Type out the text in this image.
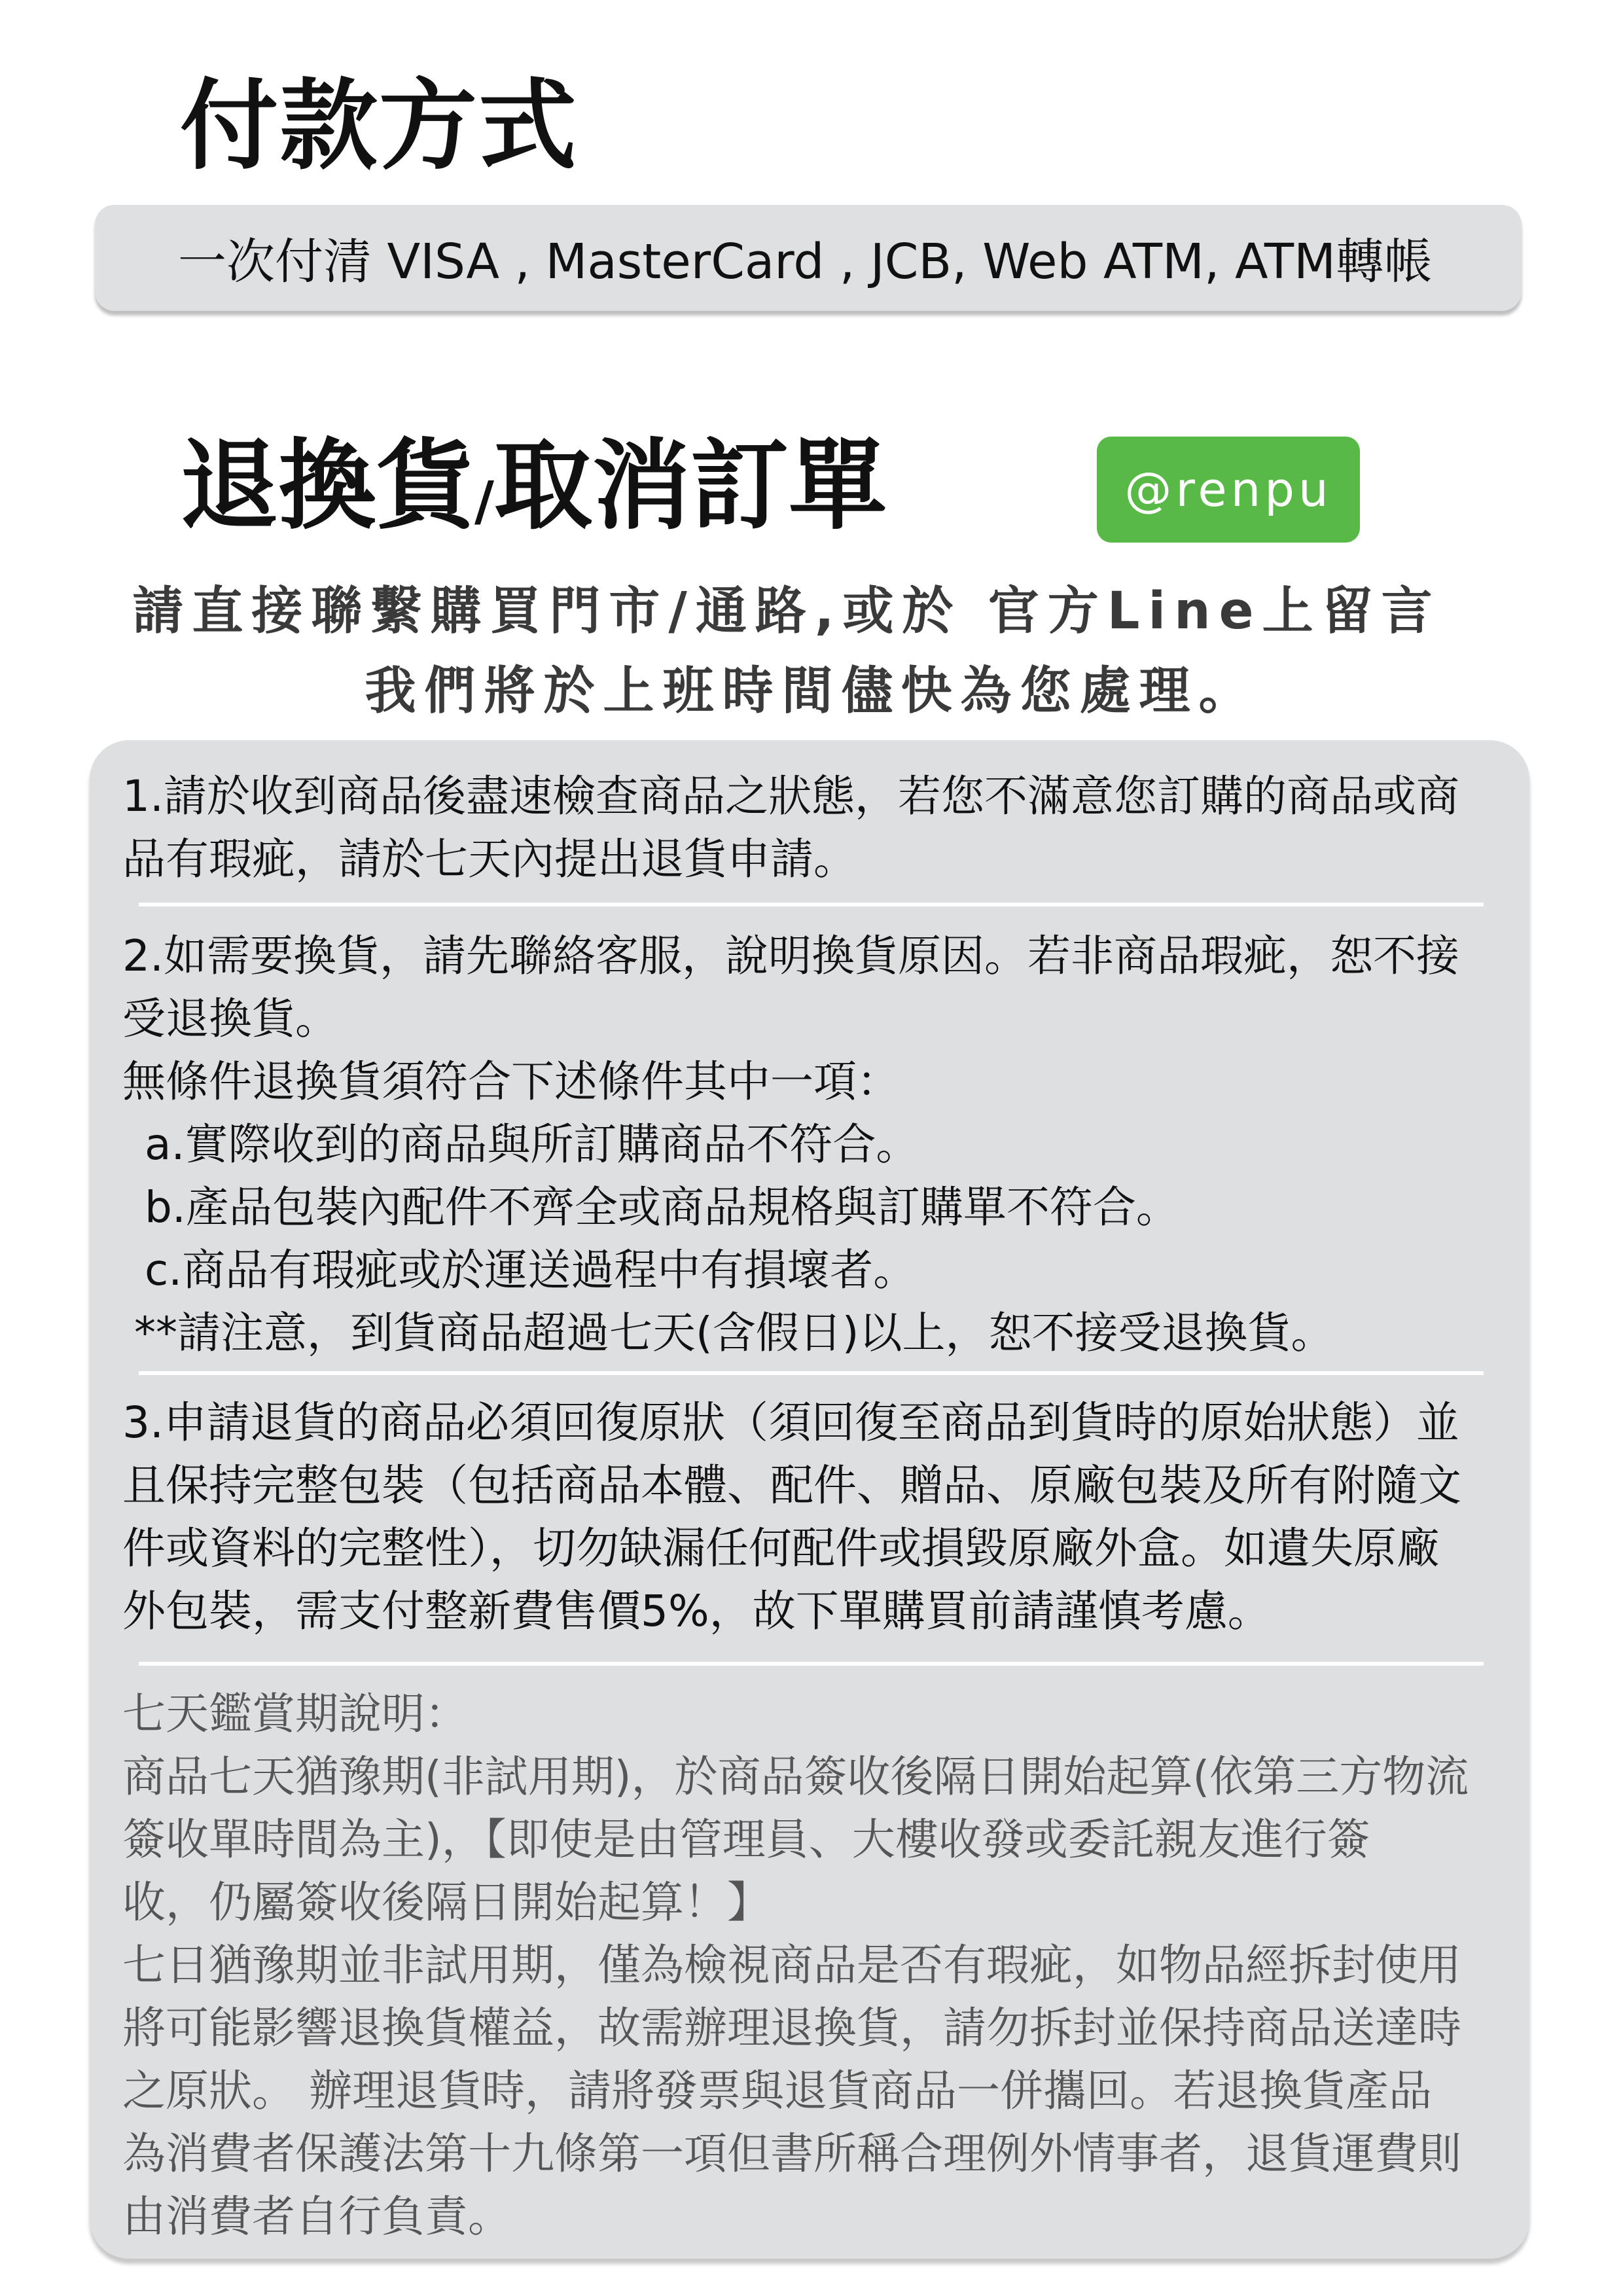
付款方式
一次付清 VISA , MasterCard , JCB, Web ATM, ATM轉帳
退換貨/取消訂單	@renpu
請直接聯繫購買門市/通路,或於 官方Line上留言
我們將於上班時間儘快為您處理。
1.請於收到商品後盡速檢查商品之狀態，若您不滿意您訂購的商品或商
品有瑕疵，請於七天內提出退貨申請。
2.如需要換貨，請先聯絡客服，說明換貨原因。若非商品瑕疵，恕不接
受退換貨。
無條件退換貨須符合下述條件其中一項：
a.實際收到的商品與所訂購商品不符合。
b.產品包裝內配件不齊全或商品規格與訂購單不符合。
c.商品有瑕疵或於運送過程中有損壞者。
**請注意，到貨商品超過七天(含假日)以上，恕不接受退換貨。
3.申請退貨的商品必須回復原狀（須回復至商品到貨時的原始狀態）並
且保持完整包裝（包括商品本體、配件、贈品、原廠包裝及所有附隨文
件或資料的完整性），切勿缺漏任何配件或損毀原廠外盒。如遺失原廠
外包裝，需支付整新費售價5%，故下單購買前請謹慎考慮。
七天鑑賞期說明：
商品七天猶豫期(非試用期)，於商品簽收後隔日開始起算(依第三方物流
簽收單時間為主)，【即使是由管理員、大樓收發或委託親友進行簽
收，仍屬簽收後隔日開始起算！】
七日猶豫期並非試用期，僅為檢視商品是否有瑕疵，如物品經拆封使用
將可能影響退換貨權益，故需辦理退換貨，請勿拆封並保持商品送達時
之原狀。 辦理退貨時，請將發票與退貨商品一併攜回。若退換貨產品
為消費者保護法第十九條第一項但書所稱合理例外情事者，退貨運費則
由消費者自行負責。
